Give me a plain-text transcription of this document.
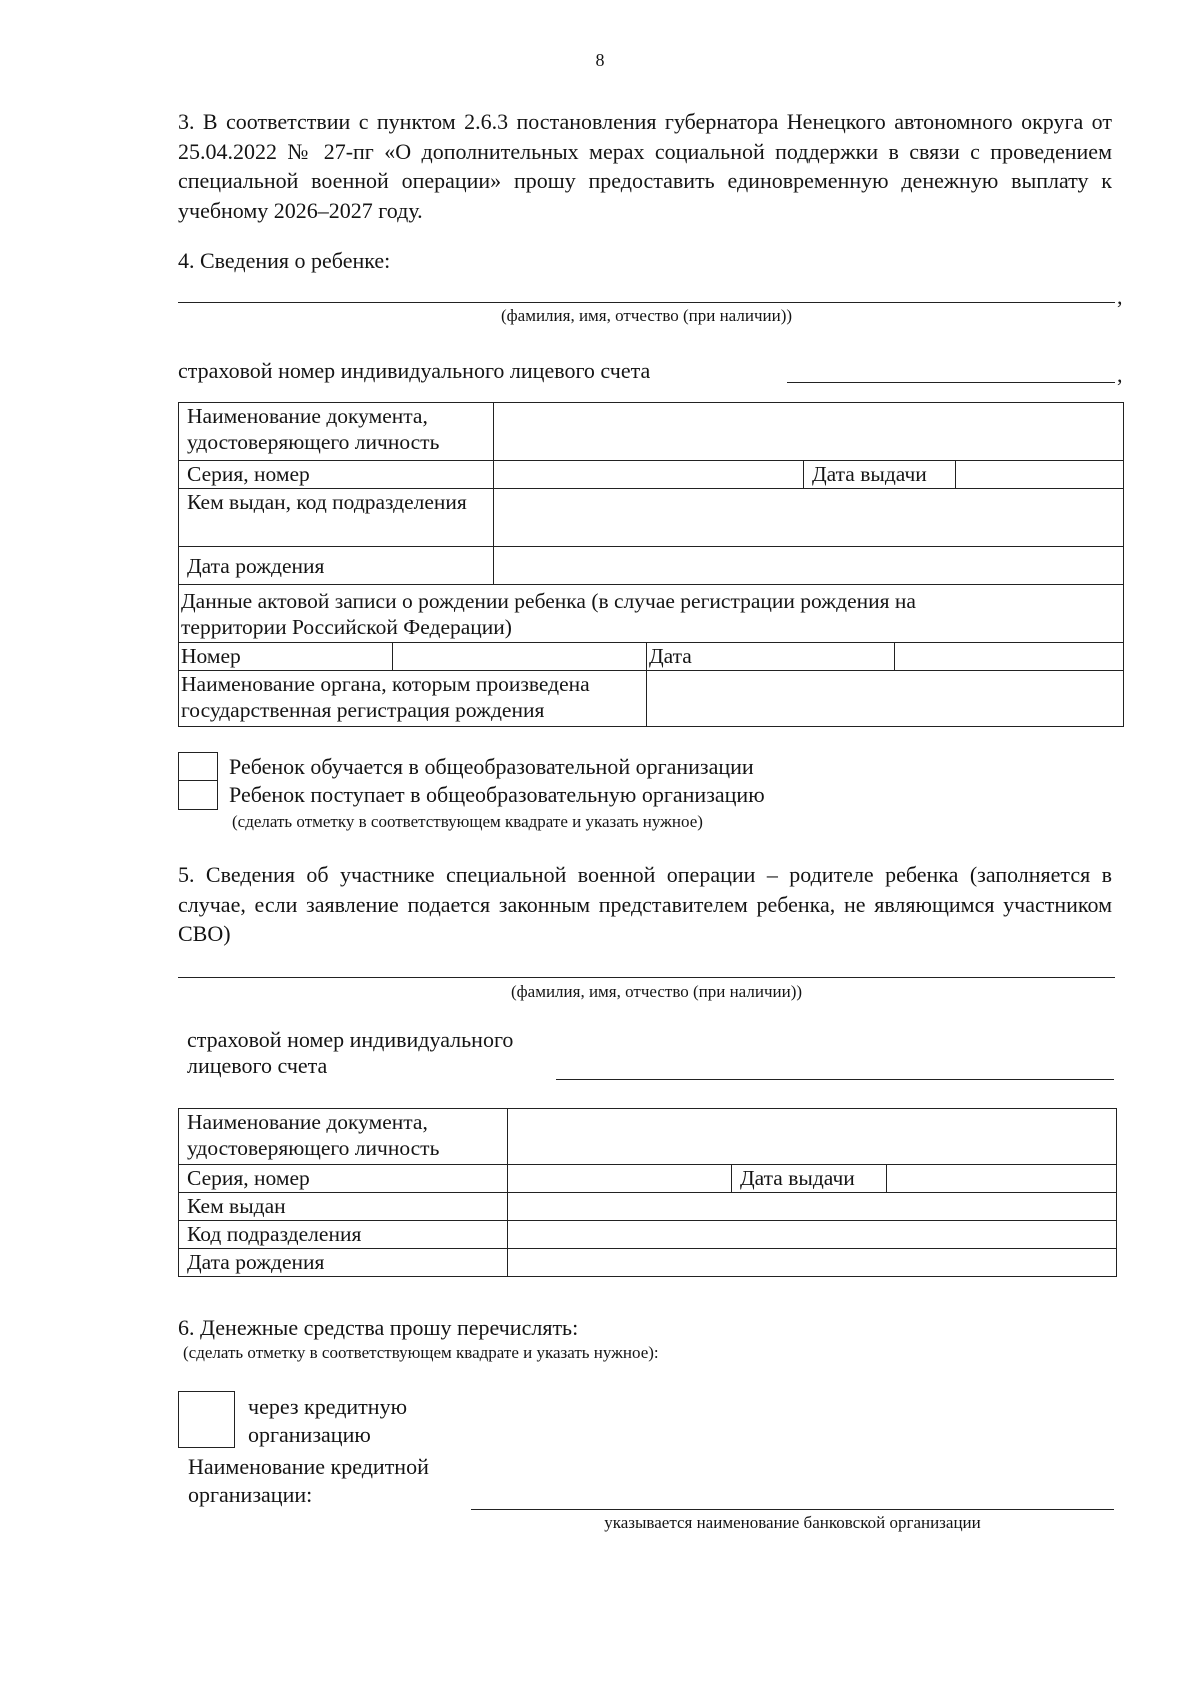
8

3. В соответствии с пунктом 2.6.3 постановления губернатора Ненецкого автономного округа от 25.04.2022 № 27-пг «О дополнительных мерах социальной поддержки в связи с проведением специальной военной операции» прошу предоставить единовременную денежную выплату к учебному 2026–2027 году.

4. Сведения о ребенке:
,
(фамилия, имя, отчество (при наличии))
страховой номер индивидуального лицевого счета	,
Наименование документа, удостоверяющего личность			
Серия, номер		Дата выдачи	
Кем выдан, код подразделения			
Дата рождения			
Данные актовой записи о рождении ребенка (в случае регистрации рождения на территории Российской Федерации)			
Номер		Дата	
Наименование органа, которым произведена государственная регистрация рождения			
Ребенок обучается в общеобразовательной организации
Ребенок поступает в общеобразовательную организацию
(сделать отметку в соответствующем квадрате и указать нужное)

5. Сведения об участнике специальной военной операции – родителе ребенка (заполняется в случае, если заявление подается законным представителем ребенка, не являющимся участником СВО)

(фамилия, имя, отчество (при наличии))
страховой номер индивидуального
лицевого счета
Наименование документа, удостоверяющего личность			
Серия, номер		Дата выдачи	
Кем выдан			
Код подразделения			
Дата рождения			
6. Денежные средства прошу перечислять:
(сделать отметку в соответствующем квадрате и указать нужное):
через кредитную организацию
Наименование кредитной организации:
указывается наименование банковской организации
